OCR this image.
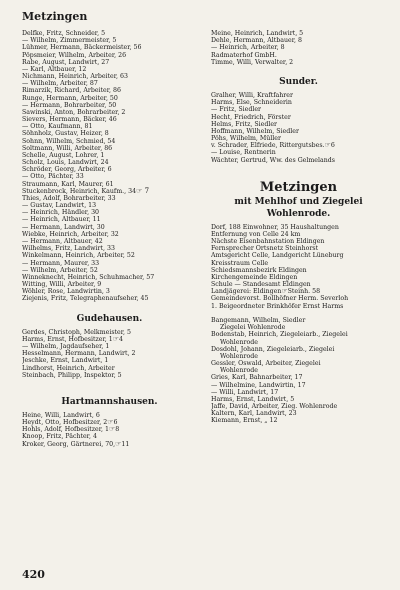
Metzingen
Delfke, Fritz, Schneider, 5
— Wilhelm, Zimmermeister, 5
Lühmer, Hermann, Bäckermeister, 56
Pöpsmeier, Wilhelm, Arbeiter, 26
Rabe, August, Landwirt, 27
— Karl, Altbauer, 12
Nichmann, Heinrich, Arbeiter, 63
— Wilhelm, Arbeiter, 87
Rimarzik, Richard, Arbeiter, 86
Runge, Hermann, Arbeiter, 50
— Hermann, Bohrarbeiter, 50
Sawinski, Anton, Bohrarbeiter, 2
Sievers, Hermann, Bäcker, 46
— Otto, Kaufmann, 81
Söhnholz, Gustav, Heizer, 8
Sohnn, Wilhelm, Schmied, 54
Soltmann, Willi, Arbeiter, 86
Schelle, August, Lohrer, 1
Scholz, Louis, Landwirt, 24
Schröder, Georg, Arbeiter, 6
— Otto, Pächter, 33
Straumann, Karl, Maurer, 61
Stuckenbrock, Heinrich, Kaufm., 34☞ 7
Thies, Adolf, Bohrarbeiter, 33
— Gustav, Landwirt, 13
— Heinrich, Händler, 30
— Heinrich, Altbauer, 11
— Hermann, Landwirt, 30
Wiebke, Heinrich, Arbeiter, 32
— Hermann, Altbauer, 42
Wilhelms, Fritz, Landwirt, 33
Winkelmann, Heinrich, Arbeiter, 52
— Hermann, Maurer, 33
— Wilhelm, Arbeiter, 52
Winneknecht, Heinrich, Schuhmacher, 57
Witting, Willi, Arbeiter, 9
Wöhler, Rose, Landwirtin, 3
Ziejenis, Fritz, Telegraphenaufseher, 45
Gudehausen.
Gerdes, Christoph, Melkmeister, 5
Harms, Ernst, Hofbesitzer, 1☞4
— Wilhelm, Jagdaufseher, 1
Hesselmann, Hermann, Landwirt, 2
Jeschke, Ernst, Landwirt, 1
Lindhorst, Heinrich, Arbeiter
Steinbach, Philipp, Inspektor, 5
Hartmannshausen.
Heine, Willi, Landwirt, 6
Heydt, Otto, Hofbesitzer, 2☞6
Hohls, Adolf, Hofbesitzer, 1☞8
Knoop, Fritz, Pächter, 4
Kroker, Georg, Gärtnerei, 70,☞11
Meine, Heinrich, Landwirt, 5
Dehle, Hermann, Altbauer, 8
— Heinrich, Arbeiter, 8
Radmaterhof GmbH.
Timme, Willi, Verwalter, 2
Sunder.
Gralher, Willi, Kraftfahrer
Harms, Else, Schneiderin
— Fritz, Siedler
Hecht, Friedrich, Förster
Helms, Fritz, Siedler
Hoffmann, Wilhelm, Siedler
Pöhs, Wilhelm, Müller
v. Schrader, Elfriede, Rittergutsbes.☞6
— Louise, Rentnerin
Wächter, Gertrud, Ww. des Gelmelands
Metzingen
mit Mehlhof und Ziegelei
Wohlenrode.
Dorf, 188 Einwohner, 35 Haushaltungen
Entfernung von Celle 24 km
Nächste Eisenbahnstation Eldingen
Fernsprecher Ortsnetz Steinhorst
Amtsgericht Celle, Landgericht Lüneburg
Kreisstraum Celle
Schiedsmannsbezirk Eldingen
Kirchengemeinde Eldingen
Schule — Standesamt Eldingen
Landjägerei: Eldingen☞Steinh. 58
Gemeindevorst. Bollhöfner Herm. Severloh
1. Beigeordneter Brinkhöfer Ernst Harms
Bangemann, Wilhelm, Siedler
Ziegelei Wohlenrode
Bodenstab, Heinrich, Ziegeleiarb., Ziegelei
Wohlenrode
Dosdohl, Johann, Ziegeleiarb., Ziegelei
Wohlenrode
Gessler, Oswald, Arbeiter, Ziegelei
Wohlenrode
Gries, Karl, Bahnarbeiter, 17
— Wilhelmine, Landwirtin, 17
— Willi, Landwirt, 17
Harms, Ernst, Landwirt, 5
Jaffe, David, Arbeiter, Zieg. Wohlenrode
Kaltern, Karl, Landwirt, 23
Kiemann, Ernst, „ 12
420
